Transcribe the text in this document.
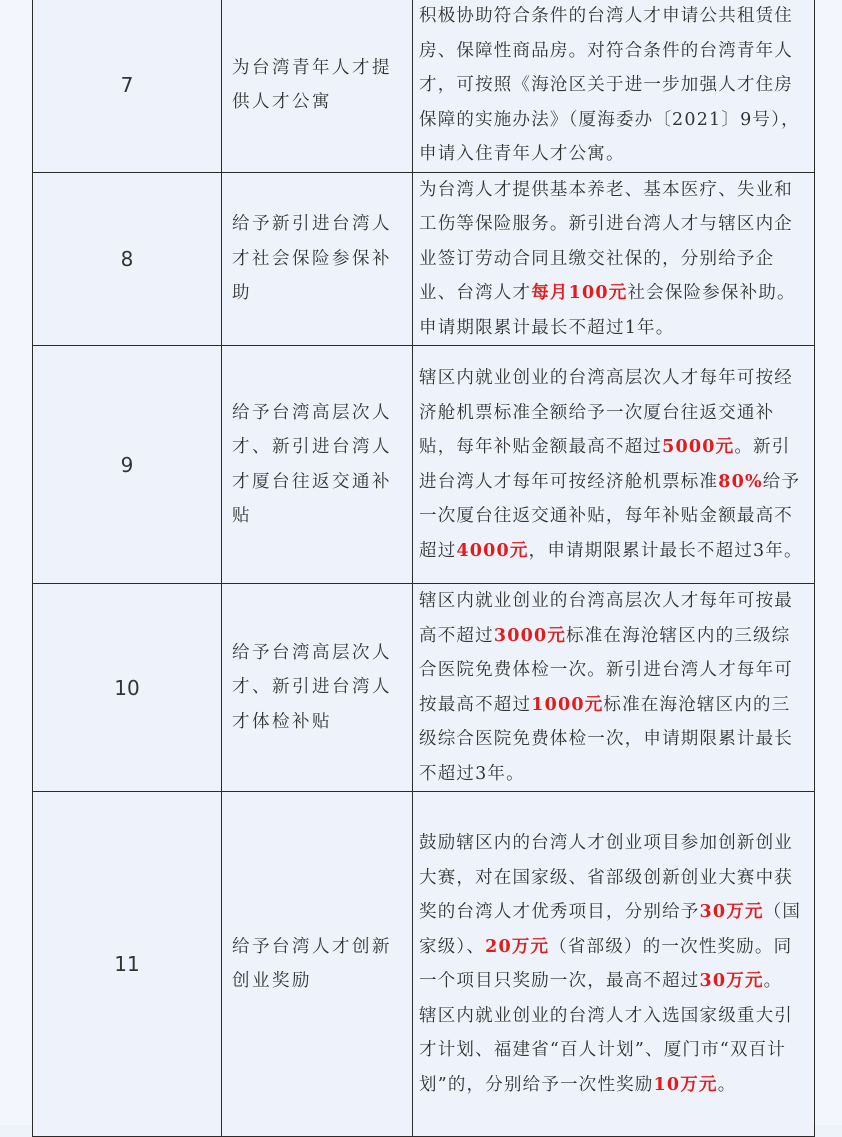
7	为台湾青年人才提供人才公寓	积极协助符合条件的台湾人才申请公共租赁住房、保障性商品房。对符合条件的台湾青年人才，可按照《海沧区关于进一步加强人才住房保障的实施办法》（厦海委办〔2021〕9号），申请入住青年人才公寓。

8	给予新引进台湾人才社会保险参保补助	为台湾人才提供基本养老、基本医疗、失业和工伤等保险服务。新引进台湾人才与辖区内企业签订劳动合同且缴交社保的，分别给予企业、台湾人才每月100元社会保险参保补助。申请期限累计最长不超过1年。

9	给予台湾高层次人才、新引进台湾人才厦台往返交通补贴	辖区内就业创业的台湾高层次人才每年可按经济舱机票标准全额给予一次厦台往返交通补贴，每年补贴金额最高不超过5000元。新引进台湾人才每年可按经济舱机票标准80%给予一次厦台往返交通补贴，每年补贴金额最高不超过4000元，申请期限累计最长不超过3年。

10	给予台湾高层次人才、新引进台湾人才体检补贴	辖区内就业创业的台湾高层次人才每年可按最高不超过3000元标准在海沧辖区内的三级综合医院免费体检一次。新引进台湾人才每年可按最高不超过1000元标准在海沧辖区内的三级综合医院免费体检一次，申请期限累计最长不超过3年。

11	给予台湾人才创新创业奖励	鼓励辖区内的台湾人才创业项目参加创新创业大赛，对在国家级、省部级创新创业大赛中获奖的台湾人才优秀项目，分别给予30万元（国家级）、20万元（省部级）的一次性奖励。同一个项目只奖励一次，最高不超过30万元。
辖区内就业创业的台湾人才入选国家级重大引才计划、福建省“百人计划”、厦门市“双百计划”的，分别给予一次性奖励10万元。
